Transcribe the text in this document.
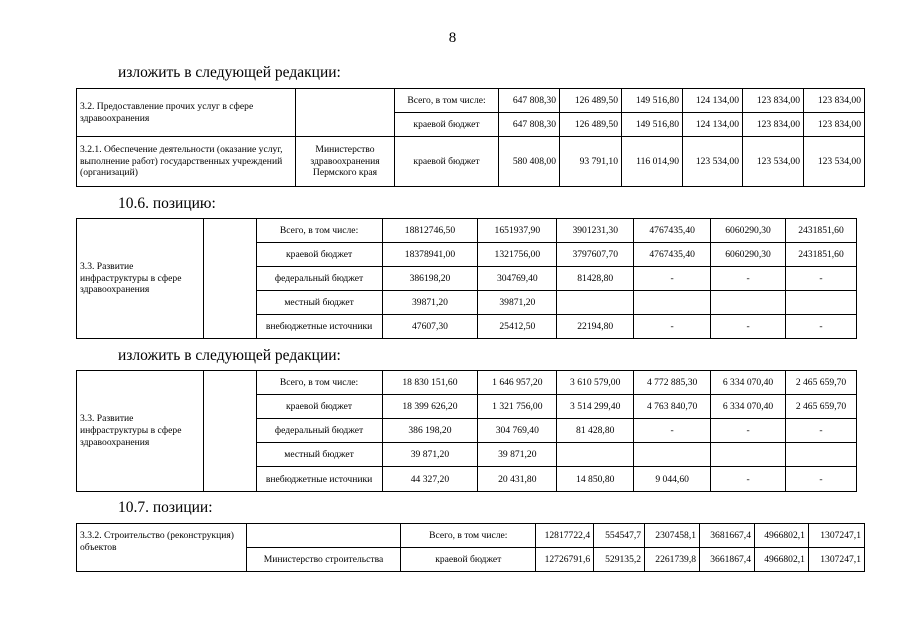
8
изложить в следующей редакции:
3.2. Предоставление прочих услуг в сфере здравоохранения		Всего, в том числе:	647 808,30	126 489,50	149 516,80	124 134,00	123 834,00	123 834,00
		краевой бюджет	647 808,30	126 489,50	149 516,80	124 134,00	123 834,00	123 834,00
3.2.1. Обеспечение деятельности (оказание услуг, выполнение работ) государственных учреждений (организаций)	Министерство здравоохранения Пермского края	краевой бюджет	580 408,00	93 791,10	116 014,90	123 534,00	123 534,00	123 534,00
10.6. позицию:
3.3. Развитие инфраструктуры в сфере здравоохранения		Всего, в том числе:	18812746,50	1651937,90	3901231,30	4767435,40	6060290,30	2431851,60
		краевой бюджет	18378941,00	1321756,00	3797607,70	4767435,40	6060290,30	2431851,60
		федеральный бюджет	386198,20	304769,40	81428,80	-	-	-
		местный бюджет	39871,20	39871,20				
		внебюджетные источники	47607,30	25412,50	22194,80	-	-	-
изложить в следующей редакции:
3.3. Развитие инфраструктуры в сфере здравоохранения		Всего, в том числе:	18 830 151,60	1 646 957,20	3 610 579,00	4 772 885,30	6 334 070,40	2 465 659,70
		краевой бюджет	18 399 626,20	1 321 756,00	3 514 299,40	4 763 840,70	6 334 070,40	2 465 659,70
		федеральный бюджет	386 198,20	304 769,40	81 428,80	-	-	-
		местный бюджет	39 871,20	39 871,20				
		внебюджетные источники	44 327,20	20 431,80	14 850,80	9 044,60	-	-
10.7. позиции:
3.3.2. Строительство (реконструкция) объектов		Всего, в том числе:	12817722,4	554547,7	2307458,1	3681667,4	4966802,1	1307247,1
	Министерство строительства	краевой бюджет	12726791,6	529135,2	2261739,8	3661867,4	4966802,1	1307247,1
